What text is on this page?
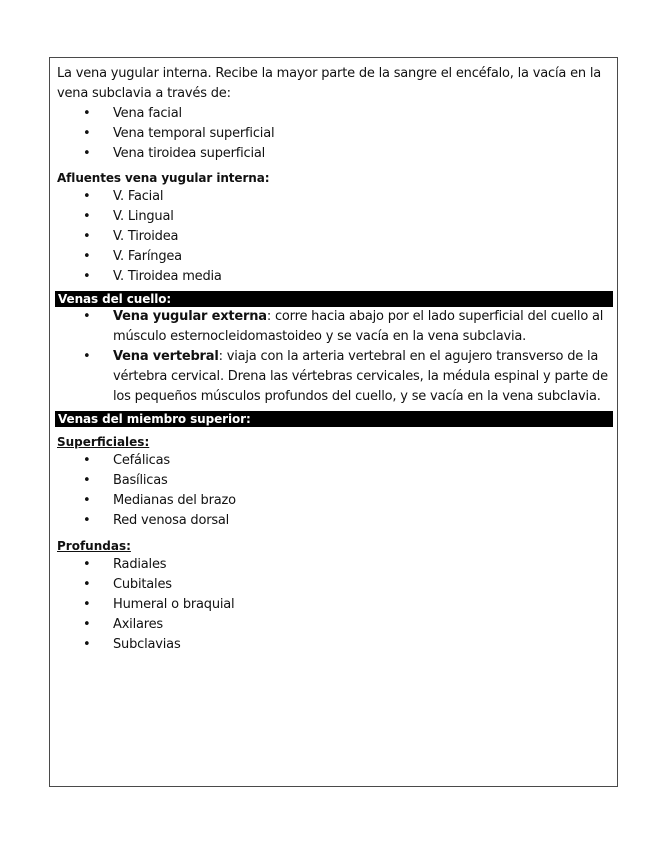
La vena yugular interna. Recibe la mayor parte de la sangre el encéfalo, la vacía en la vena subclavia a través de:

• Vena facial
• Vena temporal superficial
• Vena tiroidea superficial

Afluentes vena yugular interna:

• V. Facial
• V. Lingual
• V. Tiroidea
• V. Faríngea
• V. Tiroidea media
Venas del cuello:
• Vena yugular externa: corre hacia abajo por el lado superficial del cuello al músculo esternocleidomastoideo y se vacía en la vena subclavia.
• Vena vertebral: viaja con la arteria vertebral en el agujero transverso de la vértebra cervical. Drena las vértebras cervicales, la médula espinal y parte de los pequeños músculos profundos del cuello, y se vacía en la vena subclavia.
Venas del miembro superior:

Superficiales:

• Cefálicas
• Basílicas
• Medianas del brazo
• Red venosa dorsal

Profundas:

• Radiales
• Cubitales
• Humeral o braquial
• Axilares
• Subclavias
